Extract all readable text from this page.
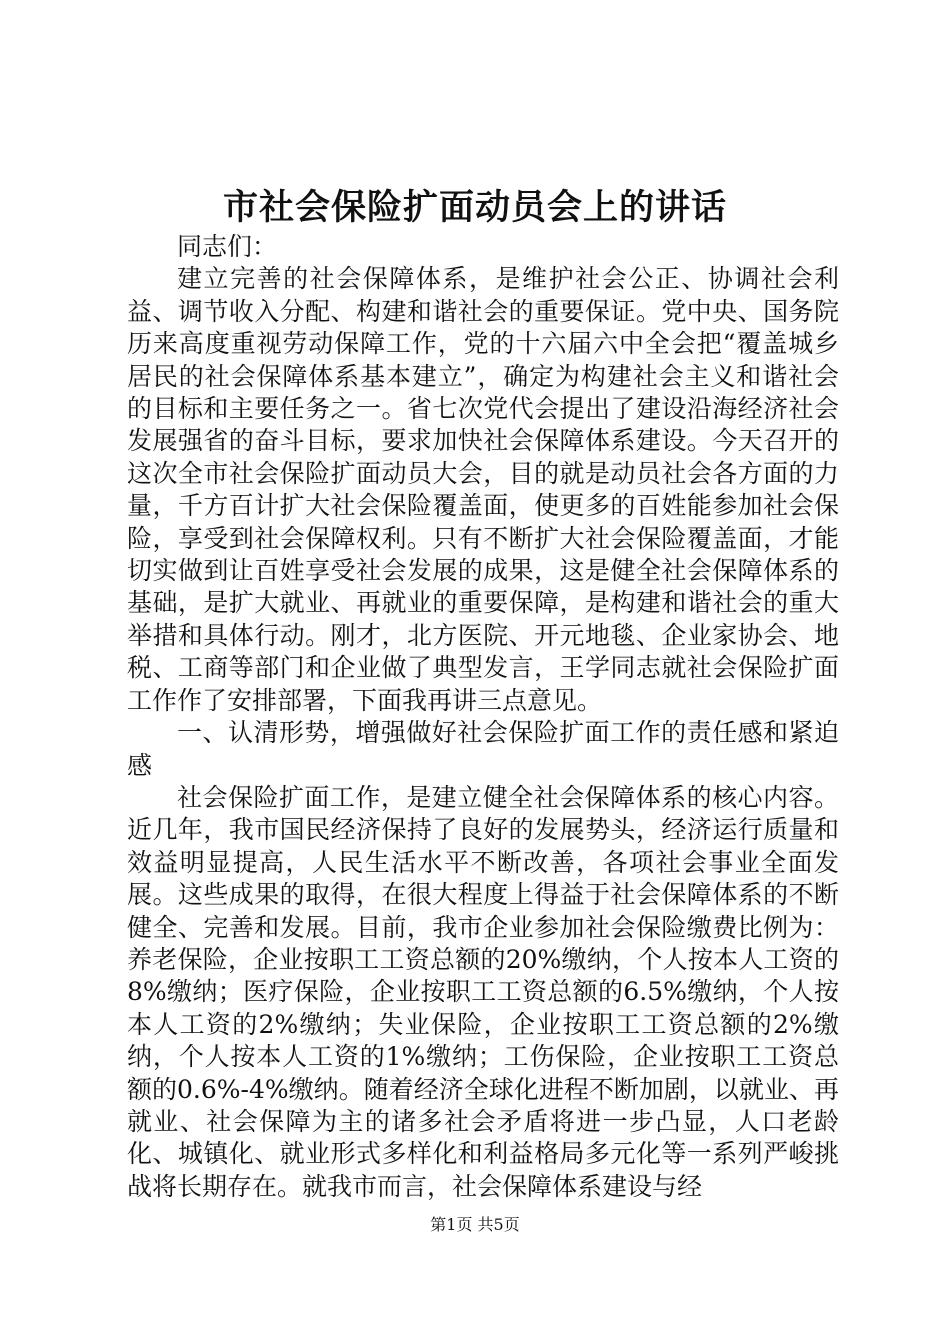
市社会保险扩面动员会上的讲话

同志们：

建立完善的社会保障体系，是维护社会公正、协调社会利益、调节收入分配、构建和谐社会的重要保证。党中央、国务院历来高度重视劳动保障工作，党的十六届六中全会把“覆盖城乡居民的社会保障体系基本建立”，确定为构建社会主义和谐社会的目标和主要任务之一。省七次党代会提出了建设沿海经济社会发展强省的奋斗目标，要求加快社会保障体系建设。今天召开的这次全市社会保险扩面动员大会，目的就是动员社会各方面的力量，千方百计扩大社会保险覆盖面，使更多的百姓能参加社会保险，享受到社会保障权利。只有不断扩大社会保险覆盖面，才能切实做到让百姓享受社会发展的成果，这是健全社会保障体系的基础，是扩大就业、再就业的重要保障，是构建和谐社会的重大举措和具体行动。刚才，北方医院、开元地毯、企业家协会、地税、工商等部门和企业做了典型发言，王学同志就社会保险扩面工作作了安排部署，下面我再讲三点意见。

一、认清形势，增强做好社会保险扩面工作的责任感和紧迫感

社会保险扩面工作，是建立健全社会保障体系的核心内容。近几年，我市国民经济保持了良好的发展势头，经济运行质量和效益明显提高，人民生活水平不断改善，各项社会事业全面发展。这些成果的取得，在很大程度上得益于社会保障体系的不断健全、完善和发展。目前，我市企业参加社会保险缴费比例为：养老保险，企业按职工工资总额的20%缴纳，个人按本人工资的8%缴纳；医疗保险，企业按职工工资总额的6.5%缴纳，个人按本人工资的2%缴纳；失业保险，企业按职工工资总额的2%缴纳，个人按本人工资的1%缴纳；工伤保险，企业按职工工资总额的0.6%-4%缴纳。随着经济全球化进程不断加剧，以就业、再就业、社会保障为主的诸多社会矛盾将进一步凸显，人口老龄化、城镇化、就业形式多样化和利益格局多元化等一系列严峻挑战将长期存在。就我市而言，社会保障体系建设与经

第1页 共5页
